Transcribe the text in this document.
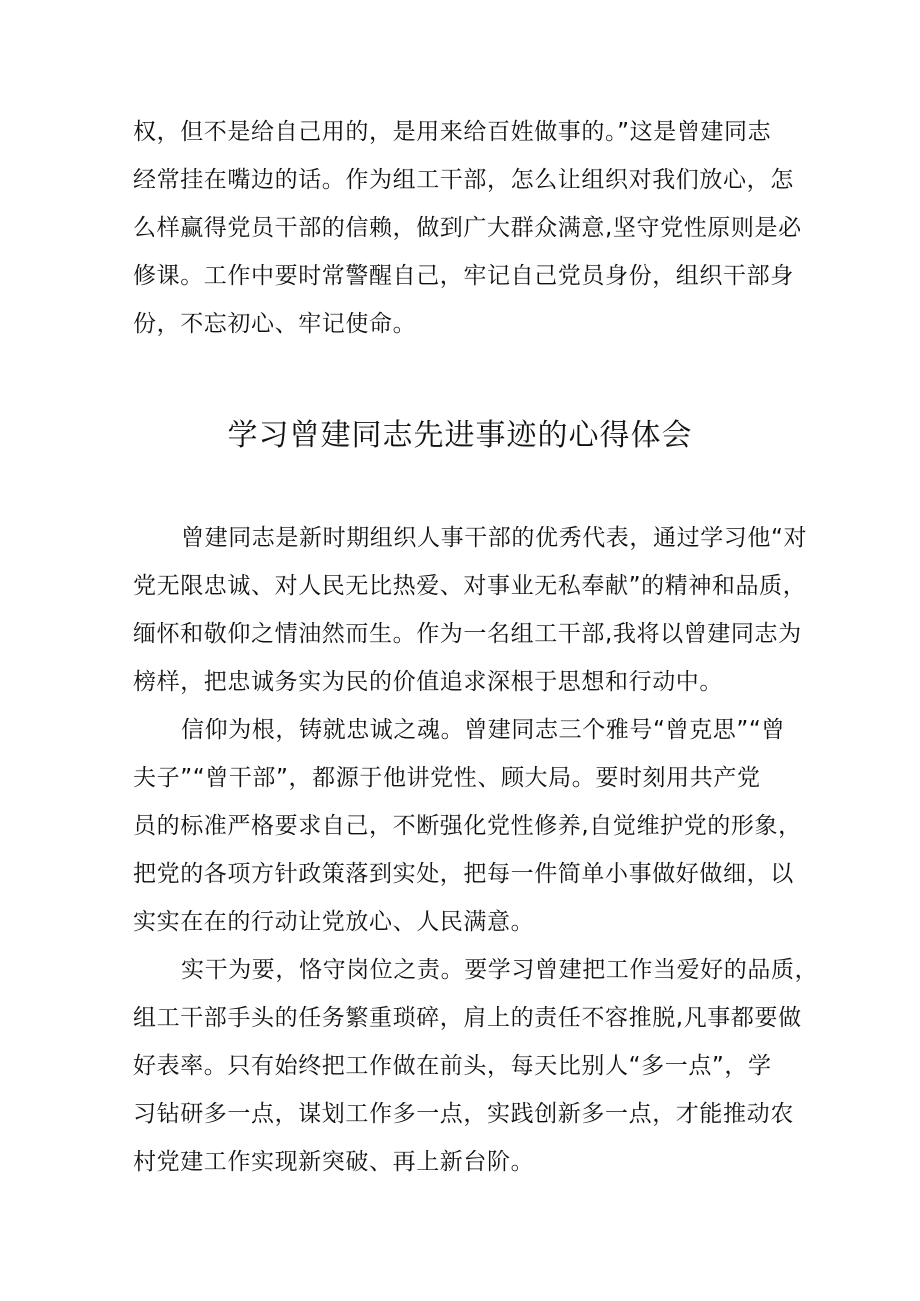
权，但不是给自己用的，是用来给百姓做事的。”这是曾建同志
经常挂在嘴边的话。作为组工干部，怎么让组织对我们放心，怎
么样赢得党员干部的信赖，做到广大群众满意,坚守党性原则是必
修课。工作中要时常警醒自己，牢记自己党员身份，组织干部身
份，不忘初心、牢记使命。
学习曾建同志先进事迹的心得体会
曾建同志是新时期组织人事干部的优秀代表，通过学习他“对
党无限忠诚、对人民无比热爱、对事业无私奉献”的精神和品质，
缅怀和敬仰之情油然而生。作为一名组工干部,我将以曾建同志为
榜样，把忠诚务实为民的价值追求深根于思想和行动中。
信仰为根，铸就忠诚之魂。曾建同志三个雅号“曾克思”“曾
夫子”“曾干部”，都源于他讲党性、顾大局。要时刻用共产党
员的标准严格要求自己，不断强化党性修养,自觉维护党的形象，
把党的各项方针政策落到实处，把每一件简单小事做好做细，以
实实在在的行动让党放心、人民满意。
实干为要，恪守岗位之责。要学习曾建把工作当爱好的品质，
组工干部手头的任务繁重琐碎，肩上的责任不容推脱,凡事都要做
好表率。只有始终把工作做在前头，每天比别人“多一点”，学
习钻研多一点，谋划工作多一点，实践创新多一点，才能推动农
村党建工作实现新突破、再上新台阶。
